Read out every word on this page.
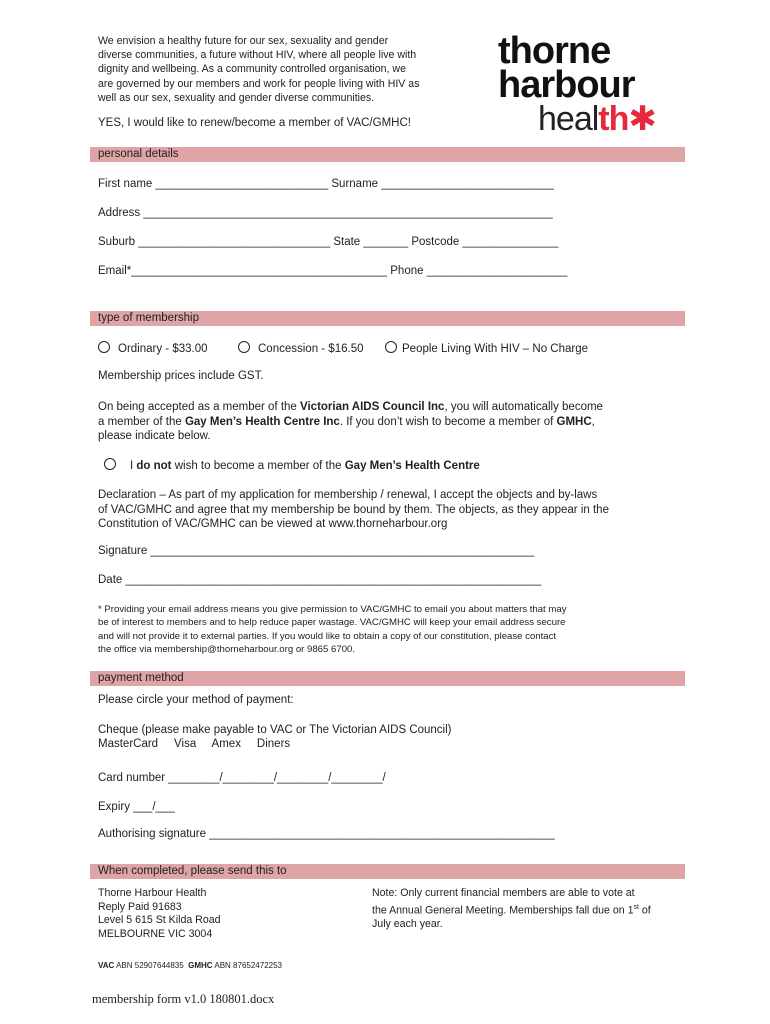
We envision a healthy future for our sex, sexuality and gender
diverse communities, a future without HIV, where all people live with
dignity and wellbeing. As a community controlled organisation, we
are governed by our members and work for people living with HIV as
well as our sex, sexuality and gender diverse communities.
YES, I would like to renew/become a member of VAC/GMHC!
thorne
harbour
health✱
personal details
First name ___________________________ Surname ___________________________
Address ________________________________________________________________
Suburb ______________________________ State _______ Postcode _______________
Email*________________________________________ Phone ______________________
type of membership
Ordinary - $33.00	Concession - $16.50	People Living With HIV – No Charge
Membership prices include GST.
On being accepted as a member of the Victorian AIDS Council Inc, you will automatically become
a member of the Gay Men’s Health Centre Inc. If you don’t wish to become a member of GMHC,
please indicate below.
I do not wish to become a member of the Gay Men’s Health Centre
Declaration – As part of my application for membership / renewal, I accept the objects and by-laws
of VAC/GMHC and agree that my membership be bound by them. The objects, as they appear in the
Constitution of VAC/GMHC can be viewed at www.thorneharbour.org
Signature ____________________________________________________________
Date _________________________________________________________________
* Providing your email address means you give permission to VAC/GMHC to email you about matters that may
be of interest to members and to help reduce paper wastage. VAC/GMHC will keep your email address secure
and will not provide it to external parties. If you would like to obtain a copy of our constitution, please contact
the office via membership@thorneharbour.org or 9865 6700.
payment method
Please circle your method of payment:
Cheque (please make payable to VAC or The Victorian AIDS Council)
MasterCard     Visa     Amex     Diners
Card number ________/________/________/________/
Expiry ___/___
Authorising signature ______________________________________________________
When completed, please send this to
Thorne Harbour Health
Reply Paid 91683
Level 5 615 St Kilda Road
MELBOURNE VIC 3004
Note: Only current financial members are able to vote at
the Annual General Meeting. Memberships fall due on 1st of
July each year.
VAC ABN 52907644835  GMHC ABN 87652472253
membership form v1.0 180801.docx
